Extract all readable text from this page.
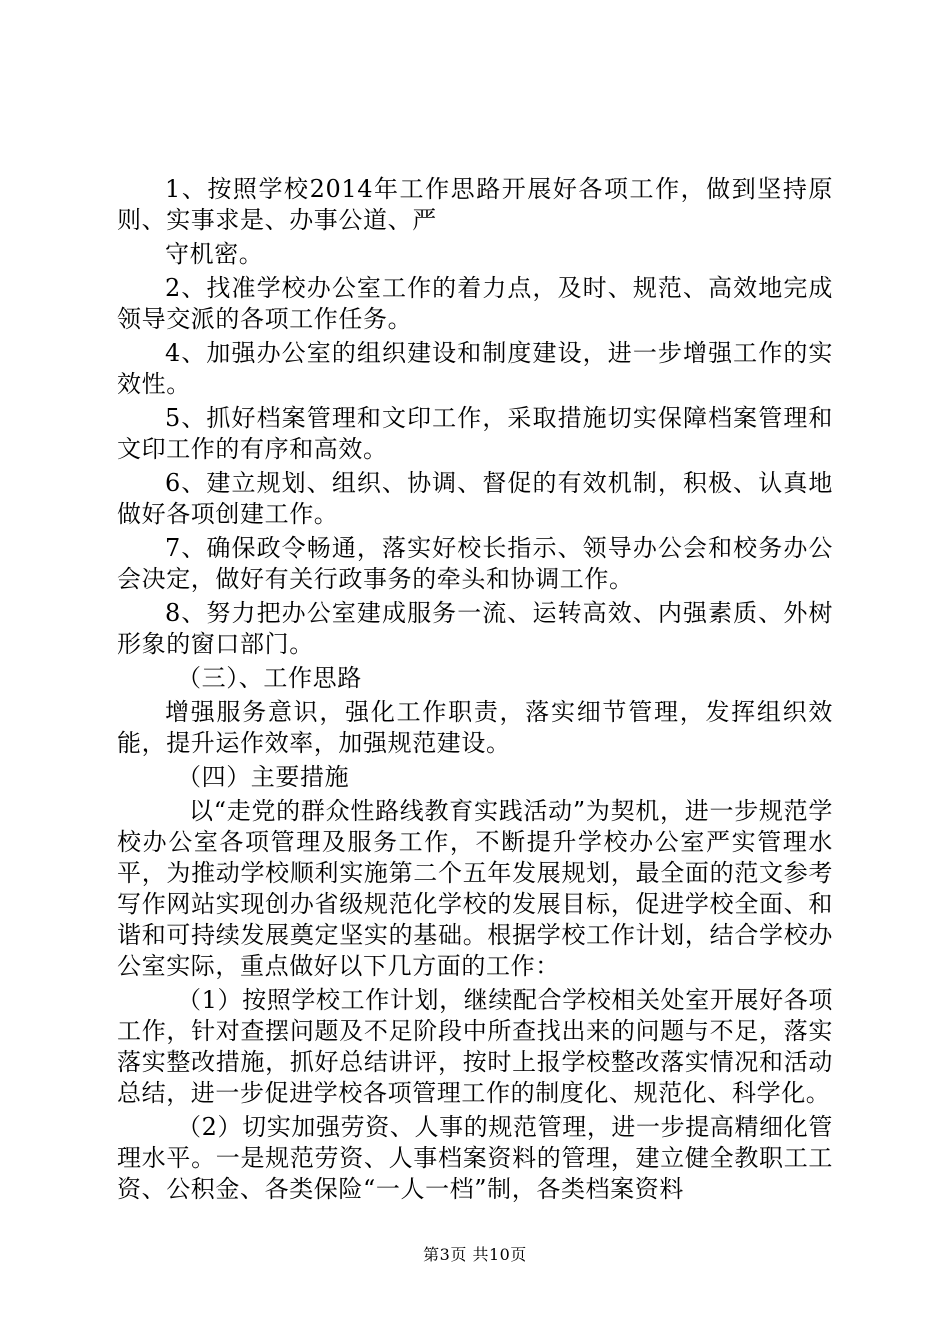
1、按照学校2014年工作思路开展好各项工作，做到坚持原则、实事求是、办事公道、严

守机密。

2、找准学校办公室工作的着力点，及时、规范、高效地完成领导交派的各项工作任务。

4、加强办公室的组织建设和制度建设，进一步增强工作的实效性。

5、抓好档案管理和文印工作，采取措施切实保障档案管理和文印工作的有序和高效。

6、建立规划、组织、协调、督促的有效机制，积极、认真地做好各项创建工作。

7、确保政令畅通，落实好校长指示、领导办公会和校务办公会决定，做好有关行政事务的牵头和协调工作。

8、努力把办公室建成服务一流、运转高效、内强素质、外树形象的窗口部门。

（三）、工作思路

增强服务意识，强化工作职责，落实细节管理，发挥组织效能，提升运作效率，加强规范建设。

（四）主要措施

以“走党的群众性路线教育实践活动”为契机，进一步规范学校办公室各项管理及服务工作，不断提升学校办公室严实管理水平，为推动学校顺利实施第二个五年发展规划，最全面的范文参考写作网站实现创办省级规范化学校的发展目标，促进学校全面、和谐和可持续发展奠定坚实的基础。根据学校工作计划，结合学校办公室实际，重点做好以下几方面的工作：

（1）按照学校工作计划，继续配合学校相关处室开展好各项工作，针对查摆问题及不足阶段中所查找出来的问题与不足，落实落实整改措施，抓好总结讲评，按时上报学校整改落实情况和活动总结，进一步促进学校各项管理工作的制度化、规范化、科学化。

（2）切实加强劳资、人事的规范管理，进一步提高精细化管理水平。一是规范劳资、人事档案资料的管理，建立健全教职工工资、公积金、各类保险“一人一档”制，各类档案资料

第3页 共10页
